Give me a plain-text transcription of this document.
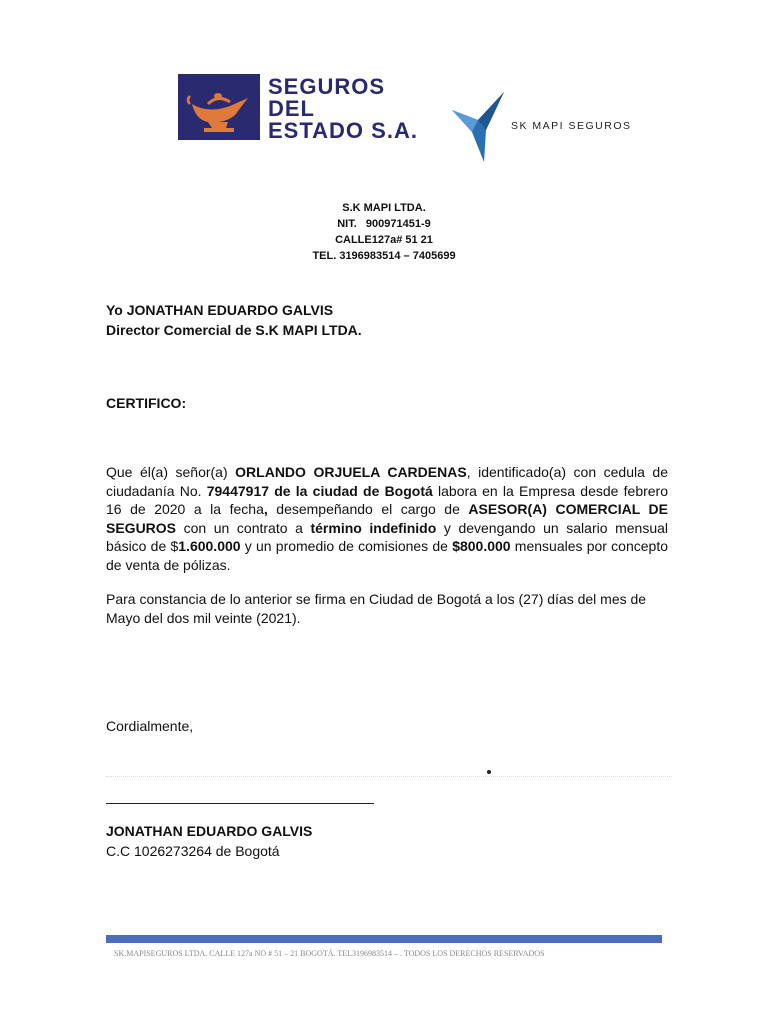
SEGUROS
DEL
ESTADO S.A.	SK MAPI SEGUROS
S.K MAPI LTDA.
NIT.   900971451-9
CALLE127a# 51 21
TEL. 3196983514 – 7405699
Yo JONATHAN EDUARDO GALVIS
Director Comercial de S.K MAPI LTDA.
CERTIFICO:
Que él(a) señor(a) ORLANDO ORJUELA CARDENAS, identificado(a) con cedula de ciudadanía No. 79447917 de la ciudad de Bogotá labora en la Empresa desde febrero 16 de 2020 a la fecha, desempeñando el cargo de ASESOR(A) COMERCIAL DE SEGUROS con un contrato a término indefinido y devengando un salario mensual básico de $1.600.000 y un promedio de comisiones de $800.000 mensuales por concepto de venta de pólizas.
Para constancia de lo anterior se firma en Ciudad de Bogotá a los (27) días del mes de Mayo del dos mil veinte (2021).
Cordialmente,
JONATHAN EDUARDO GALVIS
C.C 1026273264 de Bogotá
SK.MAPISEGUROS LTDA. CALLE 127a NO # 51 – 21 BOGOTÁ. TEL3196983514 – . TODOS LOS DERECHOS RESERVADOS
